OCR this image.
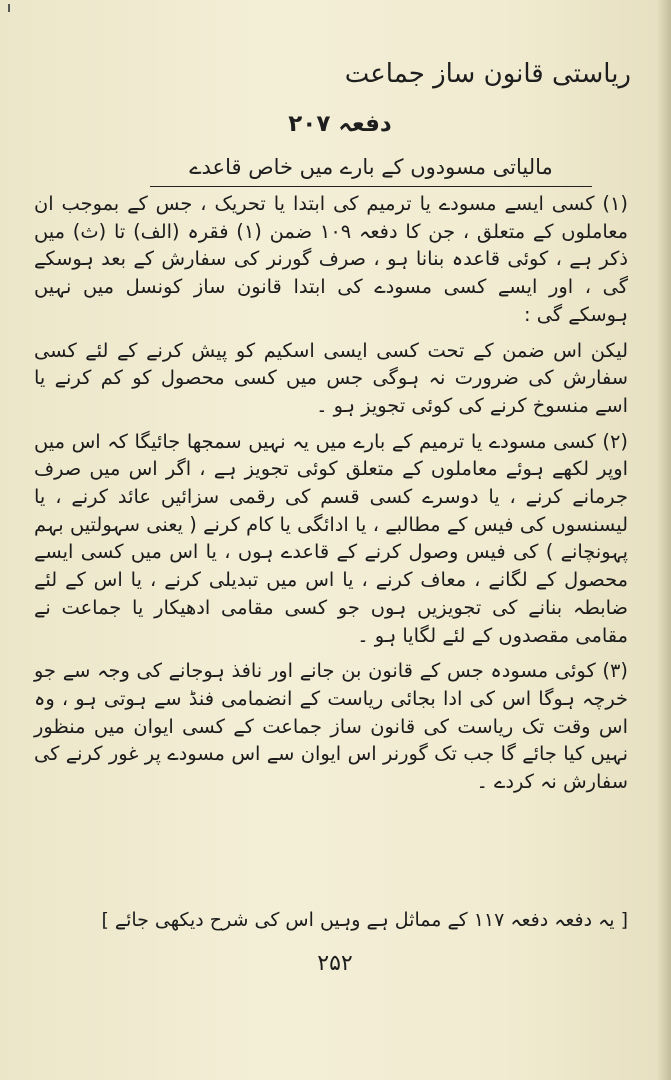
ریاستی قانون ساز جماعت
دفعہ ۲۰۷
مالیاتی مسودوں کے بارے میں خاص قاعدے

(۱) کسی ایسے مسودے یا ترمیم کی ابتدا یا تحریک ، جس کے بموجب ان معاملوں کے متعلق ، جن کا دفعہ ۱۰۹ ضمن (۱) فقرہ (الف) تا (ث) میں ذکر ہے ، کوئی قاعدہ بنانا ہو ، صرف گورنر کی سفارش کے بعد ہوسکے گی ، اور ایسے کسی مسودے کی ابتدا قانون ساز کونسل میں نہیں ہوسکے گی :

لیکن اس ضمن کے تحت کسی ایسی اسکیم کو پیش کرنے کے لئے کسی سفارش کی ضرورت نہ ہوگی جس میں کسی محصول کو کم کرنے یا اسے منسوخ کرنے کی کوئی تجویز ہو ۔

(۲) کسی مسودے یا ترمیم کے بارے میں یہ نہیں سمجھا جائیگا کہ اس میں اوپر لکھے ہوئے معاملوں کے متعلق کوئی تجویز ہے ، اگر اس میں صرف جرمانے کرنے ، یا دوسرے کسی قسم کی رقمی سزائیں عائد کرنے ، یا لیسنسوں کی فیس کے مطالبے ، یا ادائگی یا کام کرنے ( یعنی سہولتیں بہم پہونچانے ) کی فیس وصول کرنے کے قاعدے ہوں ، یا اس میں کسی ایسے محصول کے لگانے ، معاف کرنے ، یا اس میں تبدیلی کرنے ، یا اس کے لئے ضابطہ بنانے کی تجویزیں ہوں جو کسی مقامی ادھیکار یا جماعت نے مقامی مقصدوں کے لئے لگایا ہو ۔

(۳) کوئی مسودہ جس کے قانون بن جانے اور نافذ ہوجانے کی وجہ سے جو خرچہ ہوگا اس کی ادا بجائی ریاست کے انضمامی فنڈ سے ہوتی ہو ، وہ اس وقت تک ریاست کی قانون ساز جماعت کے کسی ایوان میں منظور نہیں کیا جائے گا جب تک گورنر اس ایوان سے اس مسودے پر غور کرنے کی سفارش نہ کردے ۔

[ یہ دفعہ دفعہ ۱۱۷ کے مماثل ہے وہیں اس کی شرح دیکھی جائے ]
۲۵۲
